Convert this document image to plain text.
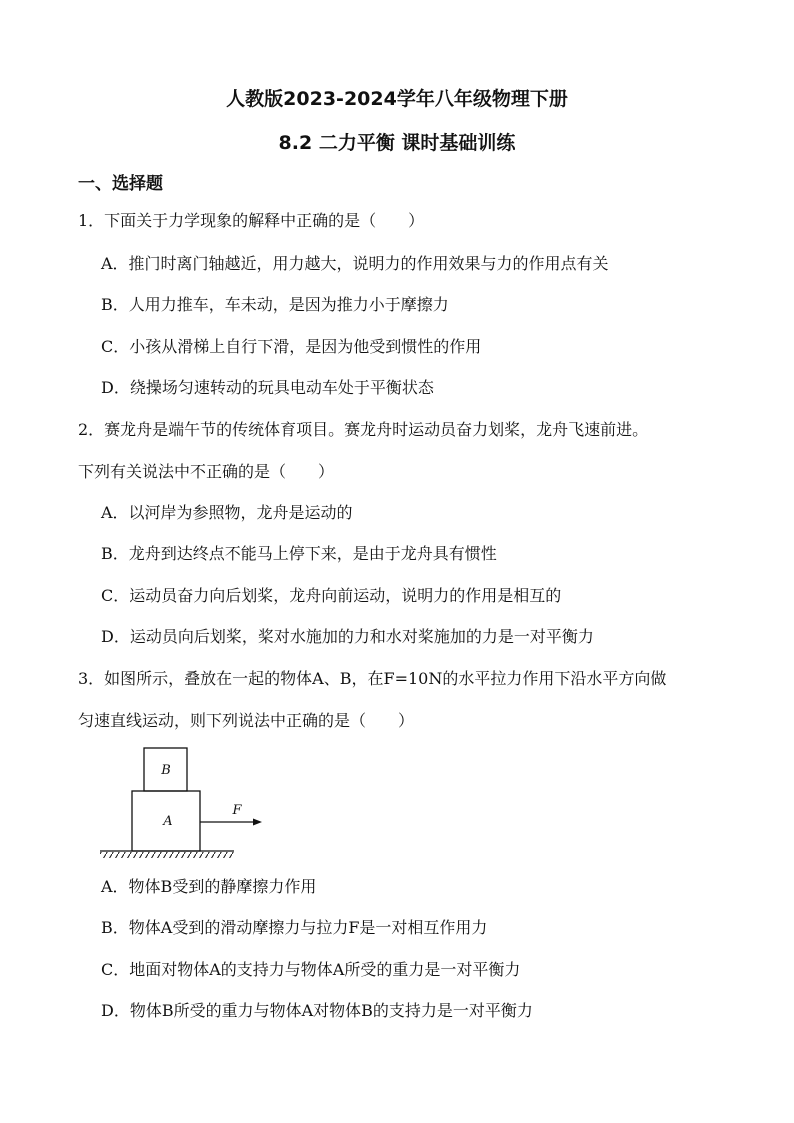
人教版2023-2024学年八年级物理下册
8.2 二力平衡 课时基础训练
一、选择题
1．下面关于力学现象的解释中正确的是（　　）
A．推门时离门轴越近，用力越大，说明力的作用效果与力的作用点有关
B．人用力推车，车未动，是因为推力小于摩擦力
C．小孩从滑梯上自行下滑，是因为他受到惯性的作用
D．绕操场匀速转动的玩具电动车处于平衡状态
2．赛龙舟是端午节的传统体育项目。赛龙舟时运动员奋力划桨，龙舟飞速前进。
下列有关说法中不正确的是（　　）
A．以河岸为参照物，龙舟是运动的
B．龙舟到达终点不能马上停下来，是由于龙舟具有惯性
C．运动员奋力向后划桨，龙舟向前运动，说明力的作用是相互的
D．运动员向后划桨，桨对水施加的力和水对桨施加的力是一对平衡力
3．如图所示，叠放在一起的物体A、B，在F=10N的水平拉力作用下沿水平方向做
匀速直线运动，则下列说法中正确的是（　　）
B
A
F
A．物体B受到的静摩擦力作用
B．物体A受到的滑动摩擦力与拉力F是一对相互作用力
C．地面对物体A的支持力与物体A所受的重力是一对平衡力
D．物体B所受的重力与物体A对物体B的支持力是一对平衡力
